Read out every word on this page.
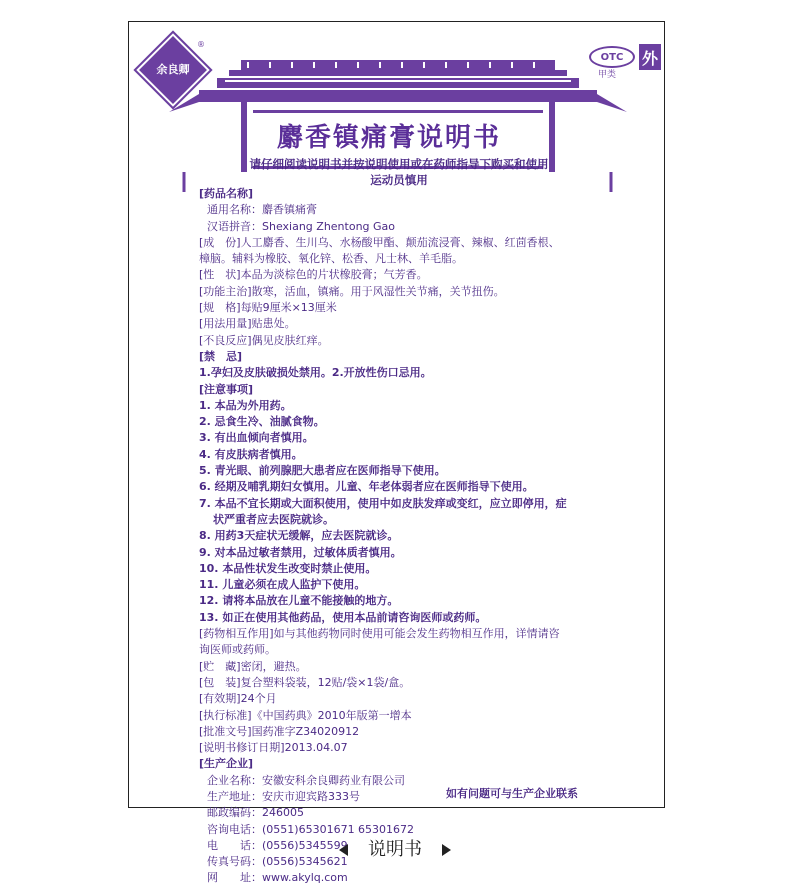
余良卿
®
OTC
甲类
外
麝香镇痛膏说明书
请仔细阅读说明书并按说明使用或在药师指导下购买和使用
运动员慎用
[药品名称]
通用名称：麝香镇痛膏
汉语拼音：Shexiang Zhentong Gao
[成　份]人工麝香、生川乌、水杨酸甲酯、颠茄流浸膏、辣椒、红茴香根、
樟脑。辅料为橡胶、氧化锌、松香、凡士林、羊毛脂。
[性　状]本品为淡棕色的片状橡胶膏；气芳香。
[功能主治]散寒，活血，镇痛。用于风湿性关节痛，关节扭伤。
[规　格]每贴9厘米×13厘米
[用法用量]贴患处。
[不良反应]偶见皮肤红痒。
[禁　忌]
1.孕妇及皮肤破损处禁用。2.开放性伤口忌用。
[注意事项]
1. 本品为外用药。
2. 忌食生冷、油腻食物。
3. 有出血倾向者慎用。
4. 有皮肤病者慎用。
5. 青光眼、前列腺肥大患者应在医师指导下使用。
6. 经期及哺乳期妇女慎用。儿童、年老体弱者应在医师指导下使用。
7. 本品不宜长期或大面积使用，使用中如皮肤发痒或变红，应立即停用，症
状严重者应去医院就诊。
8. 用药3天症状无缓解，应去医院就诊。
9. 对本品过敏者禁用，过敏体质者慎用。
10. 本品性状发生改变时禁止使用。
11. 儿童必须在成人监护下使用。
12. 请将本品放在儿童不能接触的地方。
13. 如正在使用其他药品，使用本品前请咨询医师或药师。
[药物相互作用]如与其他药物同时使用可能会发生药物相互作用，详情请咨
询医师或药师。
[贮　藏]密闭，避热。
[包　装]复合塑料袋装，12贴/袋×1袋/盒。
[有效期]24个月
[执行标准]《中国药典》2010年版第一增本
[批准文号]国药准字Z34020912
[说明书修订日期]2013.04.07
[生产企业]
企业名称：安徽安科余良卿药业有限公司
生产地址：安庆市迎宾路333号
邮政编码：246005
咨询电话：(0551)65301671 65301672
电　　话：(0556)5345599
传真号码：(0556)5345621
网　　址：www.akylq.com
如有问题可与生产企业联系
说明书
